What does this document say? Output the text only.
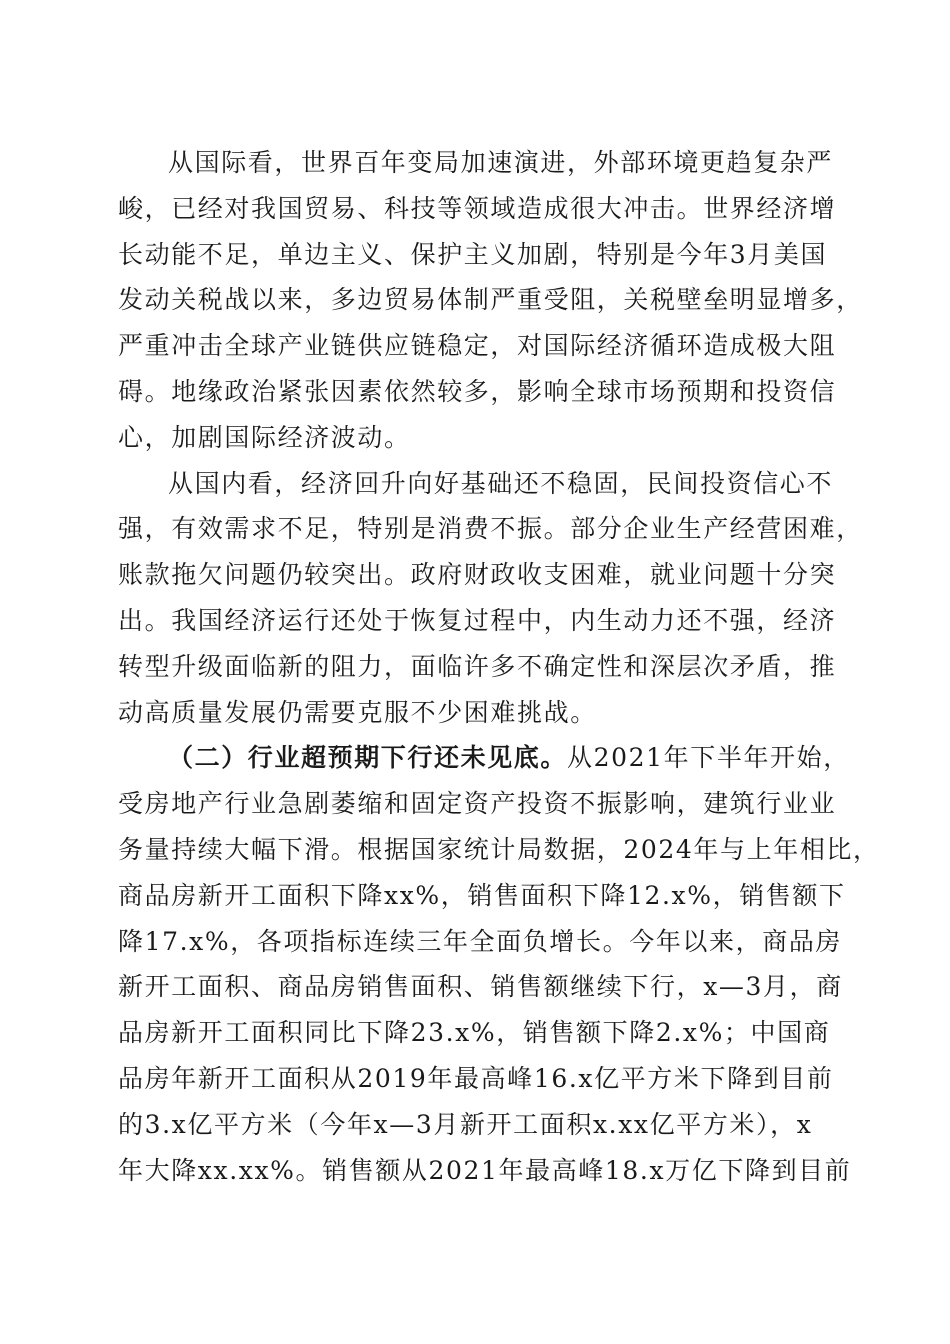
从国际看，世界百年变局加速演进，外部环境更趋复杂严
峻，已经对我国贸易、科技等领域造成很大冲击。世界经济增
长动能不足，单边主义、保护主义加剧，特别是今年3月美国
发动关税战以来，多边贸易体制严重受阻，关税壁垒明显增多，
严重冲击全球产业链供应链稳定，对国际经济循环造成极大阻
碍。地缘政治紧张因素依然较多，影响全球市场预期和投资信
心，加剧国际经济波动。
从国内看，经济回升向好基础还不稳固，民间投资信心不
强，有效需求不足，特别是消费不振。部分企业生产经营困难，
账款拖欠问题仍较突出。政府财政收支困难，就业问题十分突
出。我国经济运行还处于恢复过程中，内生动力还不强，经济
转型升级面临新的阻力，面临许多不确定性和深层次矛盾，推
动高质量发展仍需要克服不少困难挑战。
（二）行业超预期下行还未见底。从2021年下半年开始，
受房地产行业急剧萎缩和固定资产投资不振影响，建筑行业业
务量持续大幅下滑。根据国家统计局数据，2024年与上年相比，
商品房新开工面积下降xx%，销售面积下降12.x%，销售额下
降17.x%，各项指标连续三年全面负增长。今年以来，商品房
新开工面积、商品房销售面积、销售额继续下行，x—3月，商
品房新开工面积同比下降23.x%，销售额下降2.x%；中国商
品房年新开工面积从2019年最高峰16.x亿平方米下降到目前
的3.x亿平方米（今年x—3月新开工面积x.xx亿平方米），x
年大降xx.xx%。销售额从2021年最高峰18.x万亿下降到目前
